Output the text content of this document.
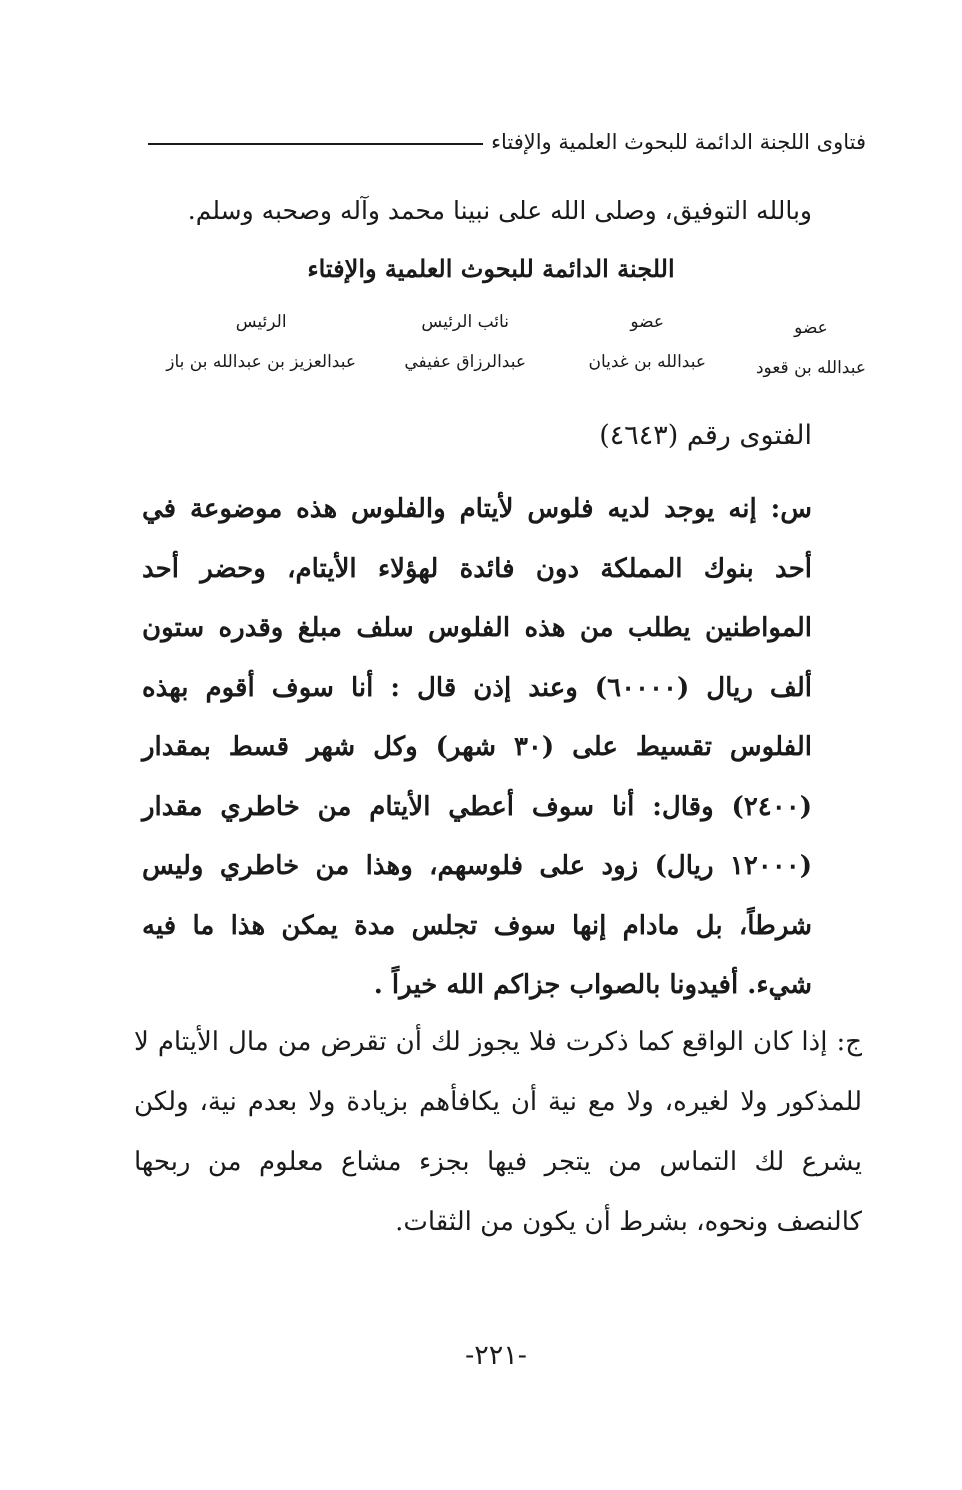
فتاوى اللجنة الدائمة للبحوث العلمية والإفتاء
وبالله التوفيق، وصلى الله على نبينا محمد وآله وصحبه وسلم.
اللجنة الدائمة للبحوث العلمية والإفتاء
عضو
عبدالله بن قعود
عضو
عبدالله بن غديان
نائب الرئيس
عبدالرزاق عفيفي
الرئيس
عبدالعزيز بن عبدالله بن باز
الفتوى رقم (٤٦٤٣)
س: إنه يوجد لديه فلوس لأيتام والفلوس هذه موضوعة في أحد بنوك المملكة دون فائدة لهؤلاء الأيتام، وحضر أحد المواطنين يطلب من هذه الفلوس سلف مبلغ وقدره ستون ألف ريال (٦٠٠٠٠) وعند إذن قال : أنا سوف أقوم بهذه الفلوس تقسيط على (٣٠ شهر) وكل شهر قسط بمقدار (٢٤٠٠) وقال: أنا سوف أعطي الأيتام من خاطري مقدار (١٢٠٠٠ ريال) زود على فلوسهم، وهذا من خاطري وليس شرطاً، بل مادام إنها سوف تجلس مدة يمكن هذا ما فيه شيء. أفيدونا بالصواب جزاكم الله خيراً .
ج: إذا كان الواقع كما ذكرت فلا يجوز لك أن تقرض من مال الأيتام لا للمذكور ولا لغيره، ولا مع نية أن يكافأهم بزيادة ولا بعدم نية، ولكن يشرع لك التماس من يتجر فيها بجزء مشاع معلوم من ربحها كالنصف ونحوه، بشرط أن يكون من الثقات.
-٢٢١-
